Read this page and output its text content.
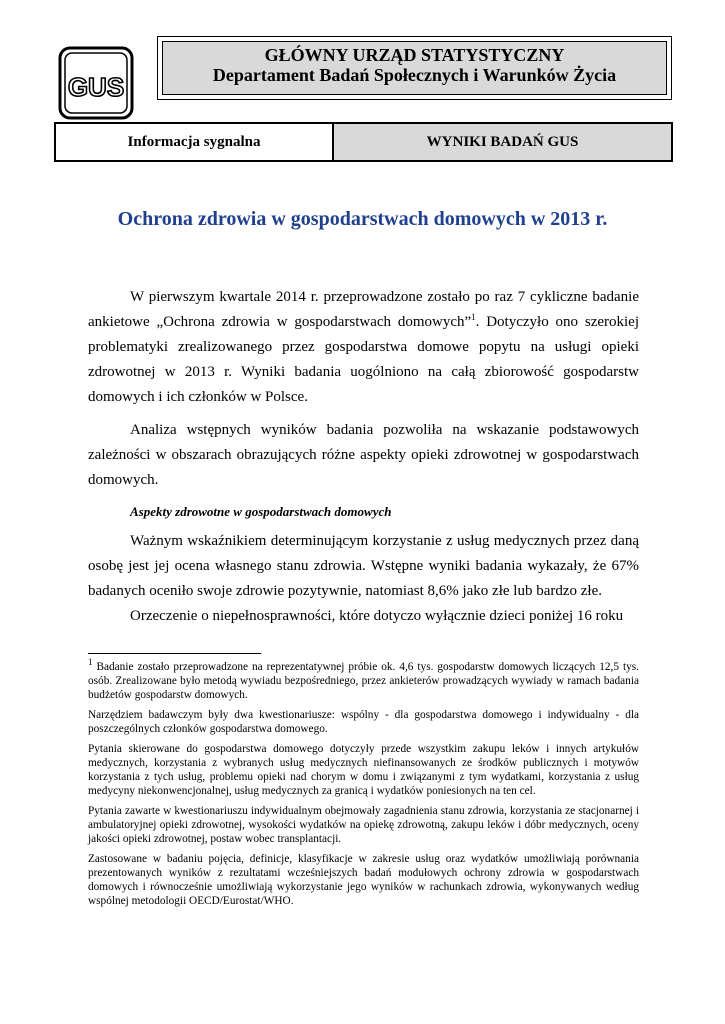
GUS
GŁÓWNY URZĄD STATYSTYCZNY
Departament Badań Społecznych i Warunków Życia
Informacja sygnalna	WYNIKI BADAŃ GUS
Ochrona zdrowia w gospodarstwach domowych w 2013 r.

W pierwszym kwartale 2014 r. przeprowadzone zostało po raz 7 cykliczne badanie ankietowe „Ochrona zdrowia w gospodarstwach domowych”$^1$. Dotyczyło ono szerokiej problematyki zrealizowanego przez gospodarstwa domowe popytu na usługi opieki zdrowotnej w 2013 r. Wyniki badania uogólniono na całą zbiorowość gospodarstw domowych i ich członków w Polsce.

Analiza wstępnych wyników badania pozwoliła na wskazanie podstawowych zależności w obszarach obrazujących różne aspekty opieki zdrowotnej w gospodarstwach domowych.

Aspekty zdrowotne w gospodarstwach domowych

Ważnym wskaźnikiem determinującym korzystanie z usług medycznych przez daną osobę jest jej ocena własnego stanu zdrowia. Wstępne wyniki badania wykazały, że 67% badanych oceniło swoje zdrowie pozytywnie, natomiast 8,6% jako złe lub bardzo złe.

Orzeczenie o niepełnosprawności, które dotyczo wyłącznie dzieci poniżej 16 roku

$^1$ Badanie zostało przeprowadzone na reprezentatywnej próbie ok. 4,6 tys. gospodarstw domowych liczących 12,5 tys. osób. Zrealizowane było metodą wywiadu bezpośredniego, przez ankieterów prowadzących wywiady w ramach badania budżetów gospodarstw domowych.

Narzędziem badawczym były dwa kwestionariusze: wspólny - dla gospodarstwa domowego i indywidualny - dla poszczególnych członków gospodarstwa domowego.

Pytania skierowane do gospodarstwa domowego dotyczyły przede wszystkim zakupu leków i innych artykułów medycznych, korzystania z wybranych usług medycznych niefinansowanych ze środków publicznych i motywów korzystania z tych usług, problemu opieki nad chorym w domu i związanymi z tym wydatkami, korzystania z usług medycyny niekonwencjonalnej, usług medycznych za granicą i wydatków poniesionych na ten cel.

Pytania zawarte w kwestionariuszu indywidualnym obejmowały zagadnienia stanu zdrowia, korzystania ze stacjonarnej i ambulatoryjnej opieki zdrowotnej, wysokości wydatków na opiekę zdrowotną, zakupu leków i dóbr medycznych, oceny jakości opieki zdrowotnej, postaw wobec transplantacji.

Zastosowane w badaniu pojęcia, definicje, klasyfikacje w zakresie usług oraz wydatków umożliwiają porównania prezentowanych wyników z rezultatami wcześniejszych badań modułowych ochrony zdrowia w gospodarstwach domowych i równocześnie umożliwiają wykorzystanie jego wyników w rachunkach zdrowia, wykonywanych według wspólnej metodologii OECD/Eurostat/WHO.
